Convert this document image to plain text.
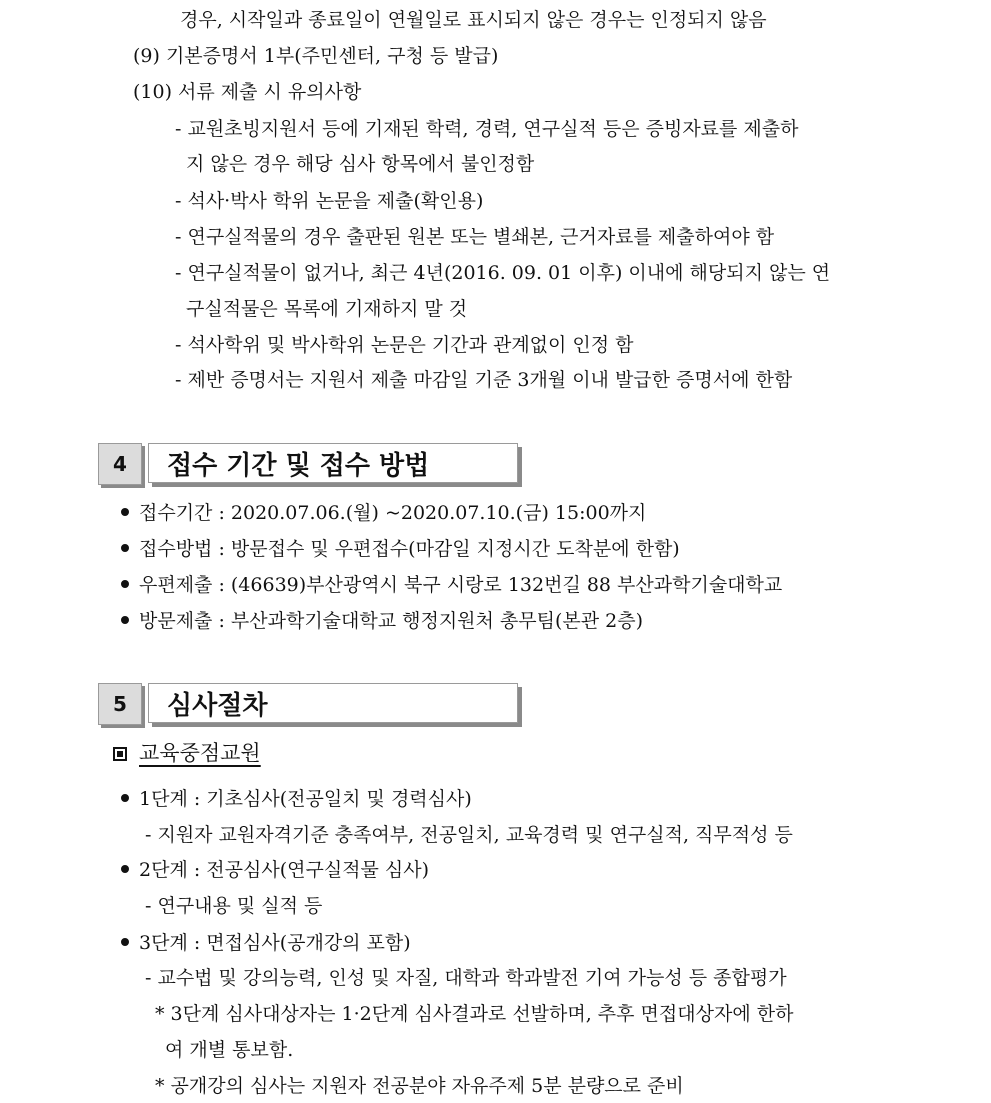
경우, 시작일과 종료일이 연월일로 표시되지 않은 경우는 인정되지 않음
(9) 기본증명서 1부(주민센터, 구청 등 발급)
(10) 서류 제출 시 유의사항
- 교원초빙지원서 등에 기재된 학력, 경력, 연구실적 등은 증빙자료를 제출하
지 않은 경우 해당 심사 항목에서 불인정함
- 석사·박사 학위 논문을 제출(확인용)
- 연구실적물의 경우 출판된 원본 또는 별쇄본, 근거자료를 제출하여야 함
- 연구실적물이 없거나, 최근 4년(2016. 09. 01 이후) 이내에 해당되지 않는 연
구실적물은 목록에 기재하지 말 것
- 석사학위 및 박사학위 논문은 기간과 관계없이 인정 함
- 제반 증명서는 지원서 제출 마감일 기준 3개월 이내 발급한 증명서에 한함
4	접수 기간 및 접수 방법
접수기간 : 2020.07.06.(월) ~2020.07.10.(금) 15:00까지
접수방법 : 방문접수 및 우편접수(마감일 지정시간 도착분에 한함)
우편제출 : (46639)부산광역시 북구 시랑로 132번길 88 부산과학기술대학교
방문제출 : 부산과학기술대학교 행정지원처 총무팀(본관 2층)
5	심사절차
교육중점교원
1단계 : 기초심사(전공일치 및 경력심사)
- 지원자 교원자격기준 충족여부, 전공일치, 교육경력 및 연구실적, 직무적성 등
2단계 : 전공심사(연구실적물 심사)
- 연구내용 및 실적 등
3단계 : 면접심사(공개강의 포함)
- 교수법 및 강의능력, 인성 및 자질, 대학과 학과발전 기여 가능성 등 종합평가
* 3단계 심사대상자는 1·2단계 심사결과로 선발하며, 추후 면접대상자에 한하
여 개별 통보함.
* 공개강의 심사는 지원자 전공분야 자유주제 5분 분량으로 준비
